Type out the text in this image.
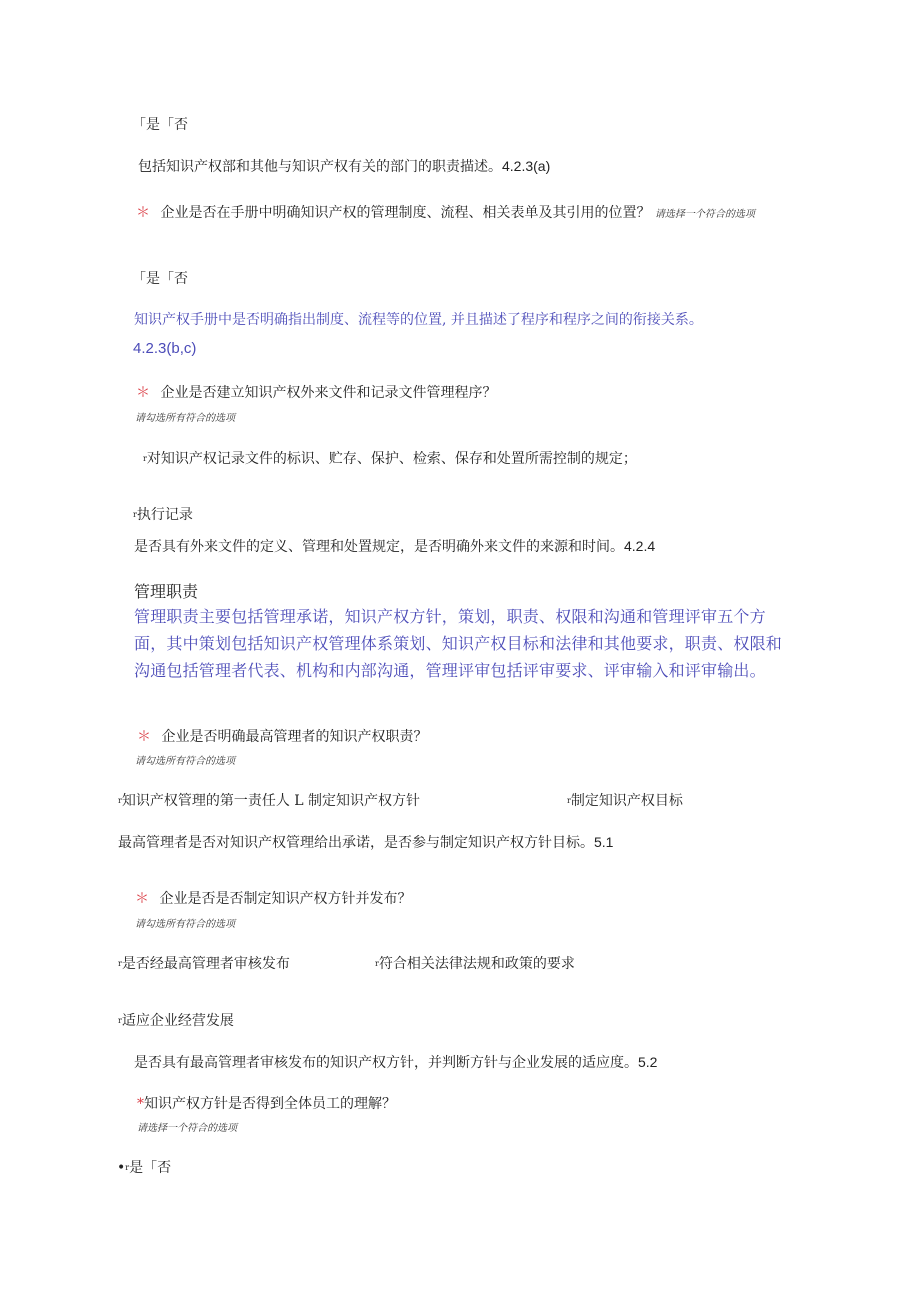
「是「否
包括知识产权部和其他与知识产权有关的部门的职责描述。4.2.3(a)
＊ 企业是否在手册中明确知识产权的管理制度、流程、相关表单及其引用的位置？ 请选择一个符合的选项
「是「否
知识产权手册中是否明确指出制度、流程等的位置, 并且描述了程序和程序之间的衔接关系。
4.2.3(b,c)
＊ 企业是否建立知识产权外来文件和记录文件管理程序？
请勾选所有符合的选项
$^r$对知识产权记录文件的标识、贮存、保护、检索、保存和处置所需控制的规定；
$^r$执行记录
是否具有外来文件的定义、管理和处置规定，是否明确外来文件的来源和时间。4.2.4
管理职责
管理职责主要包括管理承诺，知识产权方针，策划，职责、权限和沟通和管理评审五个方面，其中策划包括知识产权管理体系策划、知识产权目标和法律和其他要求，职责、权限和沟通包括管理者代表、机构和内部沟通，管理评审包括评审要求、评审输入和评审输出。
＊ 企业是否明确最高管理者的知识产权职责？
请勾选所有符合的选项
$^r$知识产权管理的第一责任人 L 制定知识产权方针	$^r$制定知识产权目标
最高管理者是否对知识产权管理给出承诺，是否参与制定知识产权方针目标。5.1
＊ 企业是否是否制定知识产权方针并发布？
请勾选所有符合的选项
$^r$是否经最高管理者审核发布	$^r$符合相关法律法规和政策的要求
$^r$适应企业经营发展
是否具有最高管理者审核发布的知识产权方针，并判断方针与企业发展的适应度。5.2
*知识产权方针是否得到全体员工的理解？
请选择一个符合的选项
•$^r$是「否
